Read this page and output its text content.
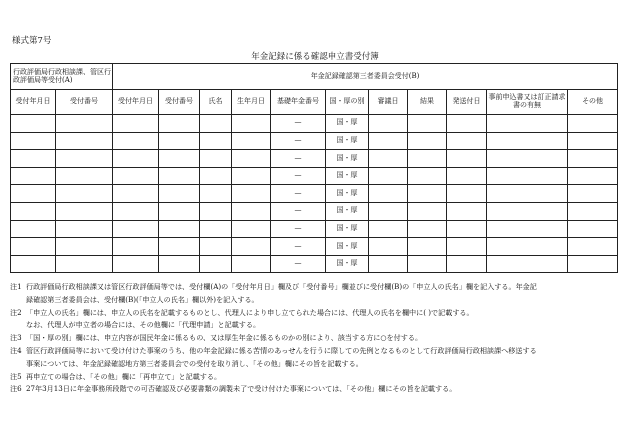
様式第7号
年金記録に係る確認申立書受付簿
行政評価局行政相談課、管区行政評価局等受付(A)		年金記録確認第三者委員会受付(B)										
受付年月日	受付番号	受付年月日	受付番号	氏名	生年月日	基礎年金番号	国・厚の別	審議日	結果	発送付日	事前申込書又は訂正請求書の有無	その他
						—	国・厚					
						—	国・厚					
						—	国・厚					
						—	国・厚					
						—	国・厚					
						—	国・厚					
						—	国・厚					
						—	国・厚					
						—	国・厚					
注1 行政評価局行政相談課又は管区行政評価局等では、受付欄(A)の「受付年月日」欄及び「受付番号」欄並びに受付欄(B)の「申立人の氏名」欄を記入する。年金記
録確認第三者委員会は、受付欄(B)(「申立人の氏名」欄以外)を記入する。
注2 「申立人の氏名」欄には、申立人の氏名を記載するものとし、代理人により申し立てられた場合には、代理人の氏名を欄中に( )で記載する。
なお、代理人が申立者の場合には、その他欄に「代理申請」と記載する。
注3 「国・厚の別」欄には、申立内容が国民年金に係るもの、又は厚生年金に係るものかの別により、該当する方に○を付する。
注4 管区行政評価局等において受け付けた事案のうち、他の年金記録に係る苦情のあっせんを行うに際しての先例となるものとして行政評価局行政相談課へ移送する
事案については、年金記録確認地方第三者委員会での受付を取り消し、「その他」欄にその旨を記載する。
注5 再申立ての場合は、「その他」欄に「再申立て」と記載する。
注6 27年3月13日に年金事務所段階での可否確認及び必要書類の調製未了で受け付けた事案については、「その他」欄にその旨を記載する。
